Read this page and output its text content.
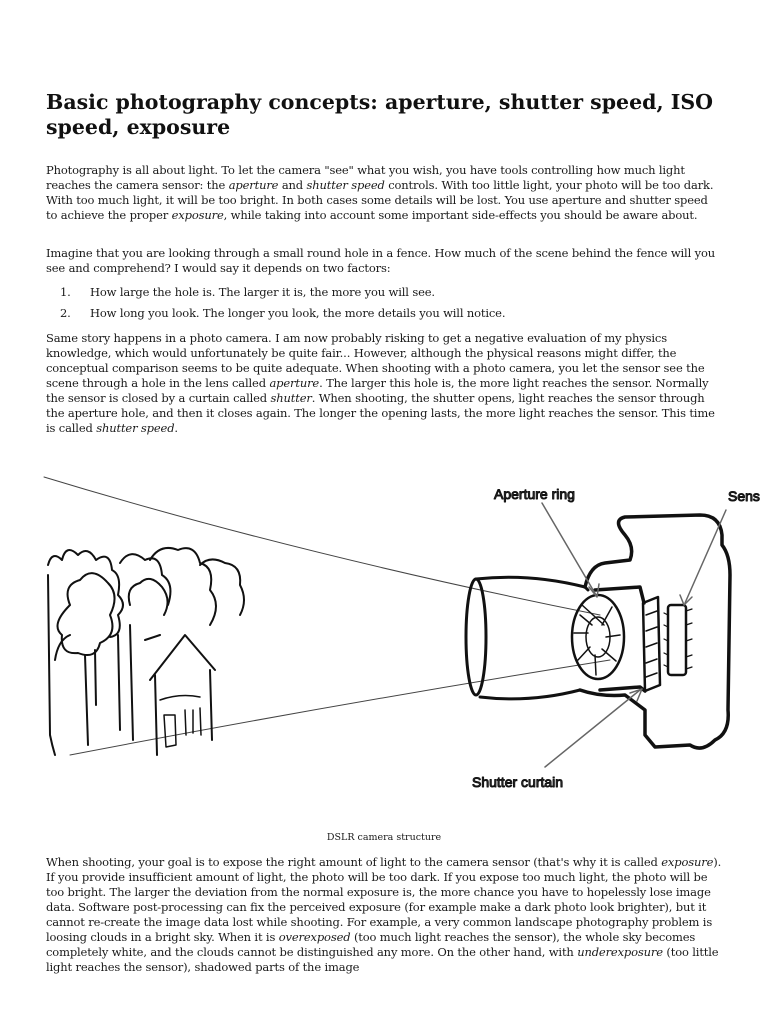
Basic photography concepts: aperture, shutter speed, ISO speed, exposure

Photography is all about light. To let the camera "see" what you wish, you have tools controlling how much light reaches the camera sensor: the aperture and shutter speed controls. With too little light, your photo will be too dark. With too much light, it will be too bright. In both cases some details will be lost. You use aperture and shutter speed to achieve the proper exposure, while taking into account some important side-effects you should be aware about.

Imagine that you are looking through a small round hole in a fence. How much of the scene behind the fence will you see and comprehend? I would say it depends on two factors:

1. How large the hole is. The larger it is, the more you will see.
2. How long you look. The longer you look, the more details you will notice.

Same story happens in a photo camera. I am now probably risking to get a negative evaluation of my physics knowledge, which would unfortunately be quite fair... However, although the physical reasons might differ, the conceptual comparison seems to be quite adequate. When shooting with a photo camera, you let the sensor see the scene through a hole in the lens called aperture. The larger this hole is, the more light reaches the sensor. Normally the sensor is closed by a curtain called shutter. When shooting, the shutter opens, light reaches the sensor through the aperture hole, and then it closes again. The longer the opening lasts, the more light reaches the sensor. This time is called shutter speed.

Aperture ring	Sens
Shutter curtain
DSLR camera structure

When shooting, your goal is to expose the right amount of light to the camera sensor (that's why it is called exposure). If you provide insufficient amount of light, the photo will be too dark. If you expose too much light, the photo will be too bright. The larger the deviation from the normal exposure is, the more chance you have to hopelessly lose image data. Software post-processing can fix the perceived exposure (for example make a dark photo look brighter), but it cannot re-create the image data lost while shooting. For example, a very common landscape photography problem is loosing clouds in a bright sky. When it is overexposed (too much light reaches the sensor), the whole sky becomes completely white, and the clouds cannot be distinguished any more. On the other hand, with underexposure (too little light reaches the sensor), shadowed parts of the image
